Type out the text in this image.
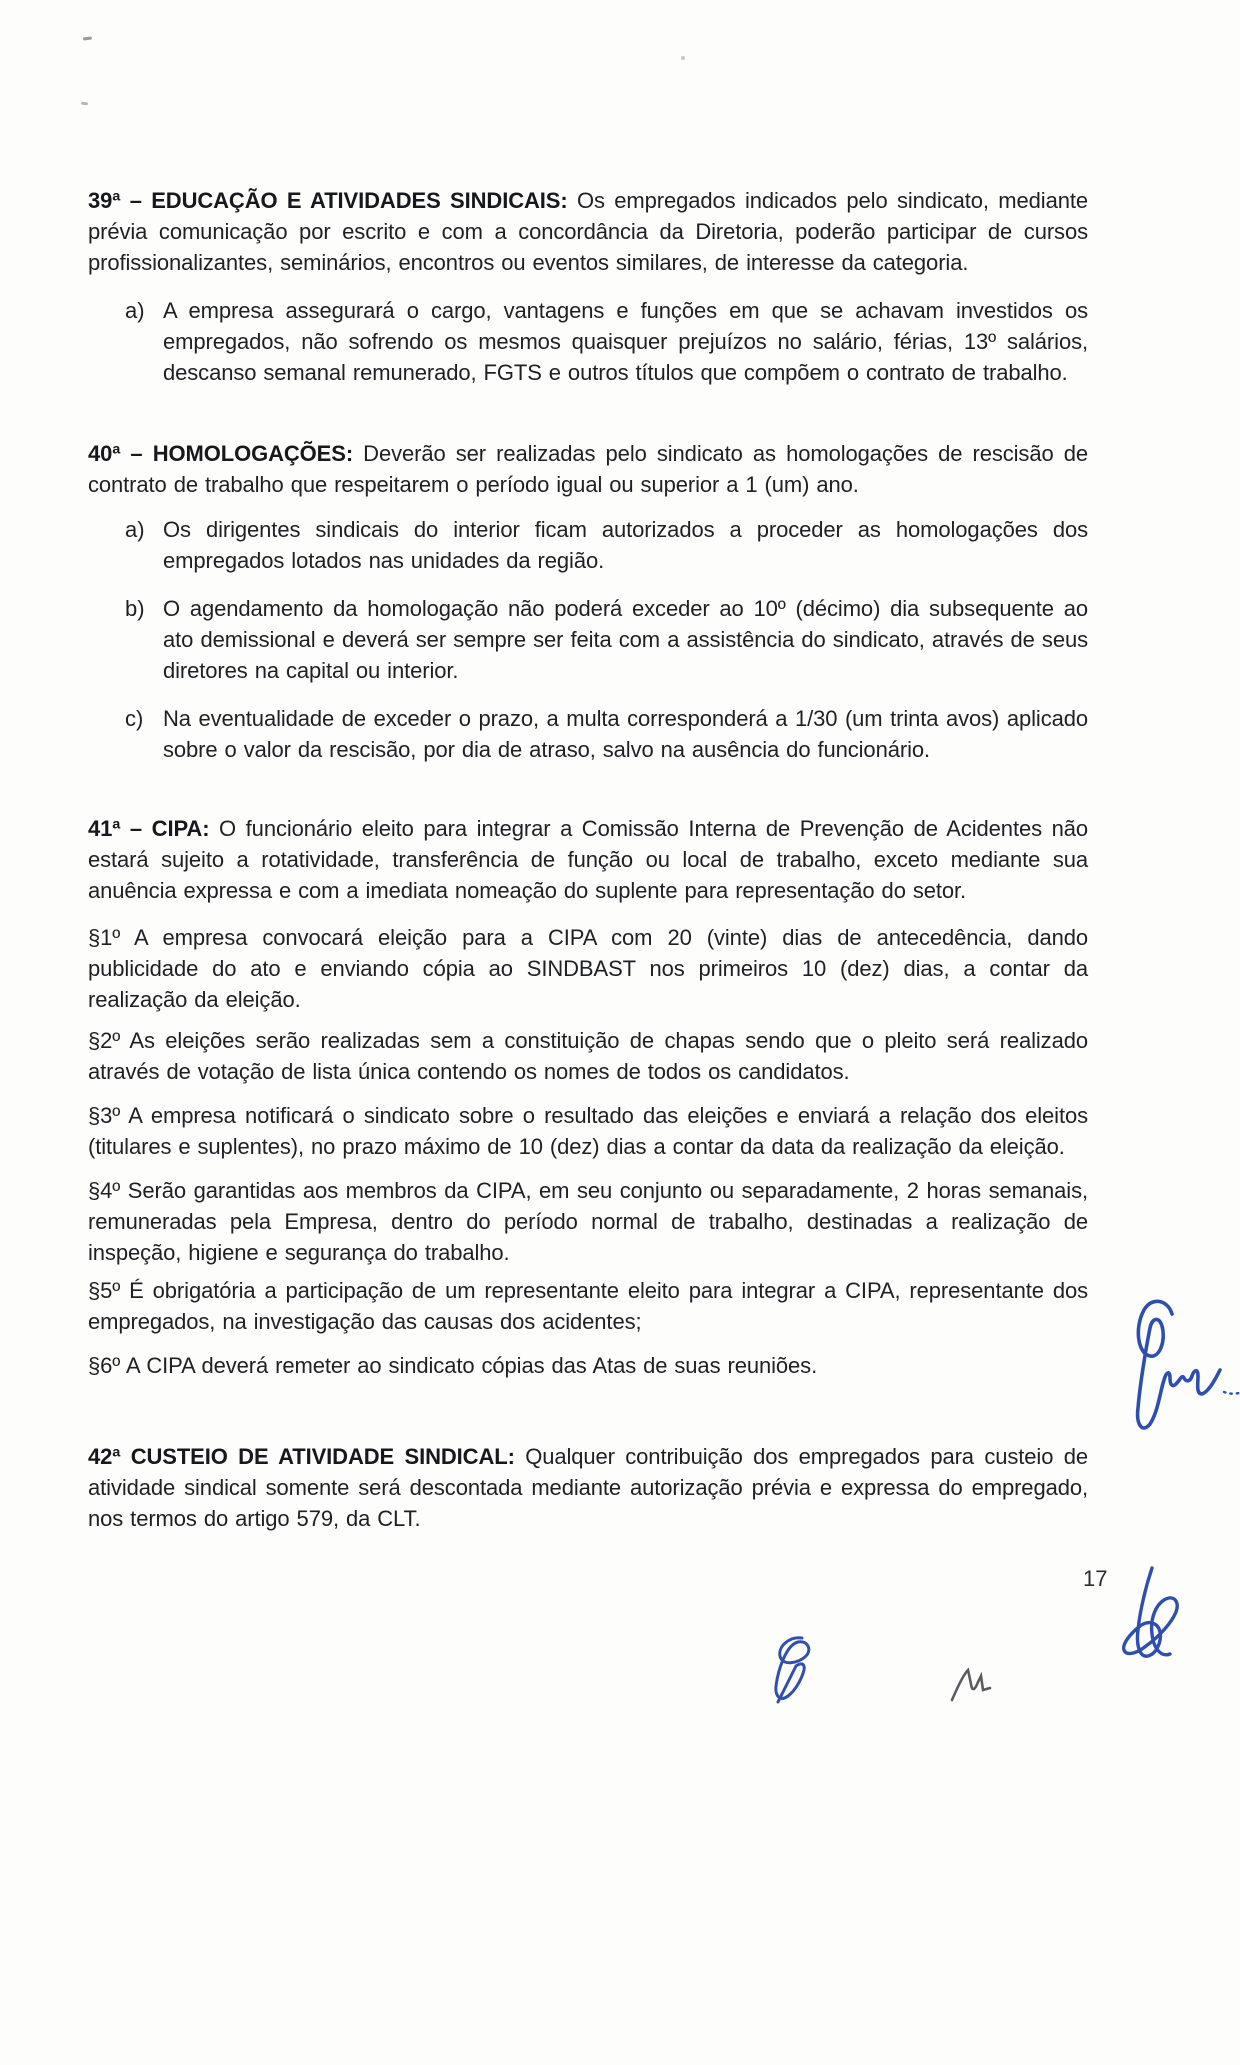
39ª – EDUCAÇÃO E ATIVIDADES SINDICAIS: Os empregados indicados pelo sindicato, mediante prévia comunicação por escrito e com a concordância da Diretoria, poderão participar de cursos profissionalizantes, seminários, encontros ou eventos similares, de interesse da categoria.

a) A empresa assegurará o cargo, vantagens e funções em que se achavam investidos os empregados, não sofrendo os mesmos quaisquer prejuízos no salário, férias, 13º salários, descanso semanal remunerado, FGTS e outros títulos que compõem o contrato de trabalho.

40ª – HOMOLOGAÇÕES: Deverão ser realizadas pelo sindicato as homologações de rescisão de contrato de trabalho que respeitarem o período igual ou superior a 1 (um) ano.

a) Os dirigentes sindicais do interior ficam autorizados a proceder as homologações dos empregados lotados nas unidades da região.

b) O agendamento da homologação não poderá exceder ao 10º (décimo) dia subsequente ao ato demissional e deverá ser sempre ser feita com a assistência do sindicato, através de seus diretores na capital ou interior.

c) Na eventualidade de exceder o prazo, a multa corresponderá a 1/30 (um trinta avos) aplicado sobre o valor da rescisão, por dia de atraso, salvo na ausência do funcionário.

41ª – CIPA: O funcionário eleito para integrar a Comissão Interna de Prevenção de Acidentes não estará sujeito a rotatividade, transferência de função ou local de trabalho, exceto mediante sua anuência expressa e com a imediata nomeação do suplente para representação do setor.

§1º A empresa convocará eleição para a CIPA com 20 (vinte) dias de antecedência, dando publicidade do ato e enviando cópia ao SINDBAST nos primeiros 10 (dez) dias, a contar da realização da eleição.

§2º As eleições serão realizadas sem a constituição de chapas sendo que o pleito será realizado através de votação de lista única contendo os nomes de todos os candidatos.

§3º A empresa notificará o sindicato sobre o resultado das eleições e enviará a relação dos eleitos (titulares e suplentes), no prazo máximo de 10 (dez) dias a contar da data da realização da eleição.

§4º Serão garantidas aos membros da CIPA, em seu conjunto ou separadamente, 2 horas semanais, remuneradas pela Empresa, dentro do período normal de trabalho, destinadas a realização de inspeção, higiene e segurança do trabalho.

§5º É obrigatória a participação de um representante eleito para integrar a CIPA, representante dos empregados, na investigação das causas dos acidentes;

§6º A CIPA deverá remeter ao sindicato cópias das Atas de suas reuniões.

42ª CUSTEIO DE ATIVIDADE SINDICAL: Qualquer contribuição dos empregados para custeio de atividade sindical somente será descontada mediante autorização prévia e expressa do empregado, nos termos do artigo 579, da CLT.

17
